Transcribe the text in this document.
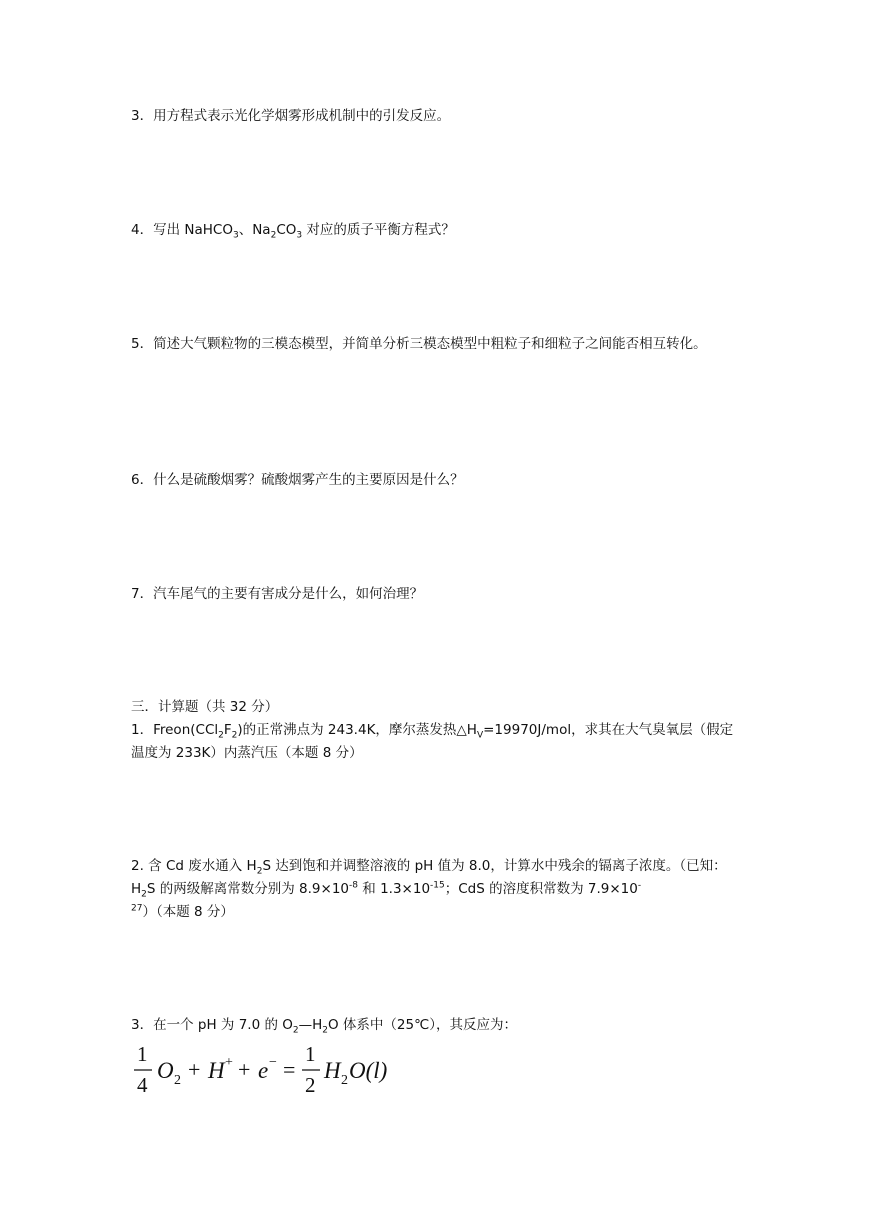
3．用方程式表示光化学烟雾形成机制中的引发反应。
4．写出 NaHCO$_3$、$Na_2CO_3$ 对应的质子平衡方程式？
5．简述大气颗粒物的三模态模型，并简单分析三模态模型中粗粒子和细粒子之间能否相互转化。
6．什么是硫酸烟雾？硫酸烟雾产生的主要原因是什么？
7．汽车尾气的主要有害成分是什么，如何治理？
三．计算题（共 32 分）
1．$Freon(CCl_2F_2)$的正常沸点为 243.4K，摩尔蒸发热$\triangle H_V=19970J$/mol，求其在大气臭氧层（假定温度为 233K）内蒸汽压（本题 8 分）
2. 含 Cd 废水通入 $H_2S$ 达到饱和并调整溶液的 pH 值为 8.0，计算水中残余的镉离子浓度。（已知：$H_2S$ 的两级解离常数分别为 $8.9\times 10^{-8}$ 和 $1.3\times 10^{-15}$；CdS 的溶度积常数为 $7.9\times 10^{-27}$）（本题 8 分）
3．在一个 pH 为 7.0 的 $O_2—H_2O$ 体系中（25℃），其反应为：
1
4
O 2 + H + + e − =
1
2
H 2 O(l)
